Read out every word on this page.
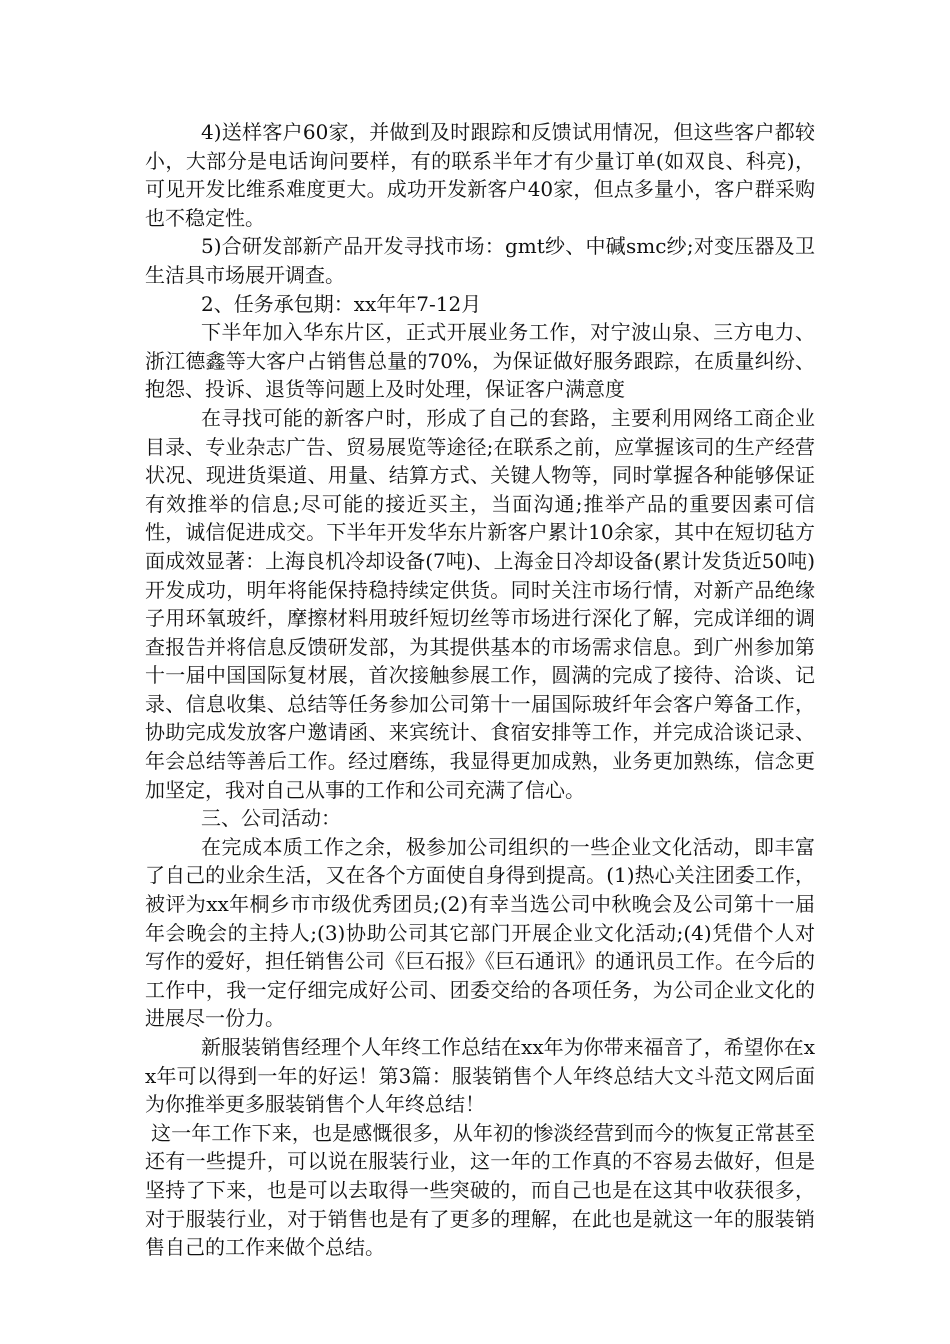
4)送样客户60家，并做到及时跟踪和反馈试用情况，但这些客户都较小，大部分是电话询问要样，有的联系半年才有少量订单(如双良、科亮)，可见开发比维系难度更大。成功开发新客户40家，但点多量小，客户群采购也不稳定性。

5)合研发部新产品开发寻找市场：gmt纱、中碱smc纱;对变压器及卫生洁具市场展开调查。

2、任务承包期：xx年年7-12月

下半年加入华东片区，正式开展业务工作，对宁波山泉、三方电力、浙江德鑫等大客户占销售总量的70%，为保证做好服务跟踪，在质量纠纷、抱怨、投诉、退货等问题上及时处理，保证客户满意度

在寻找可能的新客户时，形成了自己的套路，主要利用网络工商企业目录、专业杂志广告、贸易展览等途径;在联系之前，应掌握该司的生产经营状况、现进货渠道、用量、结算方式、关键人物等，同时掌握各种能够保证有效推举的信息;尽可能的接近买主，当面沟通;推举产品的重要因素可信性，诚信促进成交。下半年开发华东片新客户累计10余家，其中在短切毡方面成效显著：上海良机冷却设备(7吨)、上海金日冷却设备(累计发货近50吨)开发成功，明年将能保持稳持续定供货。同时关注市场行情，对新产品绝缘子用环氧玻纤，摩擦材料用玻纤短切丝等市场进行深化了解，完成详细的调查报告并将信息反馈研发部，为其提供基本的市场需求信息。到广州参加第十一届中国国际复材展，首次接触参展工作，圆满的完成了接待、洽谈、记录、信息收集、总结等任务参加公司第十一届国际玻纤年会客户筹备工作，协助完成发放客户邀请函、来宾统计、食宿安排等工作，并完成洽谈记录、年会总结等善后工作。经过磨练，我显得更加成熟，业务更加熟练，信念更加坚定，我对自己从事的工作和公司充满了信心。

三、公司活动：

在完成本质工作之余，极参加公司组织的一些企业文化活动，即丰富了自己的业余生活，又在各个方面使自身得到提高。(1)热心关注团委工作，被评为xx年桐乡市市级优秀团员;(2)有幸当选公司中秋晚会及公司第十一届年会晚会的主持人;(3)协助公司其它部门开展企业文化活动;(4)凭借个人对写作的爱好，担任销售公司《巨石报》《巨石通讯》的通讯员工作。在今后的工作中，我一定仔细完成好公司、团委交给的各项任务，为公司企业文化的进展尽一份力。

新服装销售经理个人年终工作总结在xx年为你带来福音了，希望你在xx年可以得到一年的好运！第3篇：服装销售个人年终总结大文斗范文网后面为你推举更多服装销售个人年终总结！

这一年工作下来，也是感慨很多，从年初的惨淡经营到而今的恢复正常甚至还有一些提升，可以说在服装行业，这一年的工作真的不容易去做好，但是坚持了下来，也是可以去取得一些突破的，而自己也是在这其中收获很多，对于服装行业，对于销售也是有了更多的理解，在此也是就这一年的服装销售自己的工作来做个总结。
